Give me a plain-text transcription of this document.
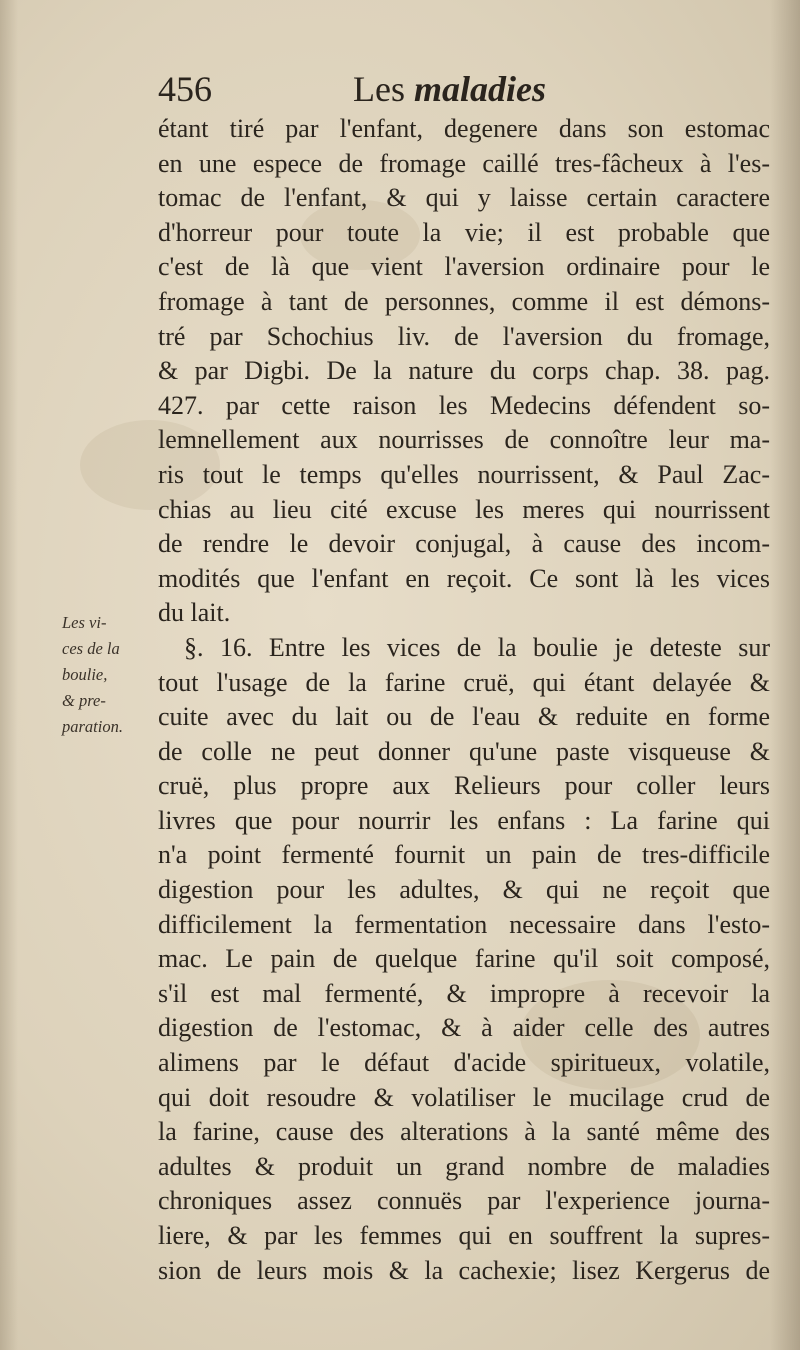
456	Les maladies
Les vi-
ces de la
boulie,
& pre-
paration.
étant tiré par l'enfant, degenere dans son estomac
en une espece de fromage caillé tres-fâcheux à l'es-
tomac de l'enfant, & qui y laisse certain caractere
d'horreur pour toute la vie; il est probable que
c'est de là que vient l'aversion ordinaire pour le
fromage à tant de personnes, comme il est démons-
tré par Schochius liv. de l'aversion du fromage,
& par Digbi. De la nature du corps chap. 38. pag.
427. par cette raison les Medecins défendent so-
lemnellement aux nourrisses de connoître leur ma-
ris tout le temps qu'elles nourrissent, & Paul Zac-
chias au lieu cité excuse les meres qui nourrissent
de rendre le devoir conjugal, à cause des incom-
modités que l'enfant en reçoit. Ce sont là les vices
du lait.
§. 16. Entre les vices de la boulie je deteste sur
tout l'usage de la farine cruë, qui étant delayée &
cuite avec du lait ou de l'eau & reduite en forme
de colle ne peut donner qu'une paste visqueuse &
cruë, plus propre aux Relieurs pour coller leurs
livres que pour nourrir les enfans : La farine qui
n'a point fermenté fournit un pain de tres-difficile
digestion pour les adultes, & qui ne reçoit que
difficilement la fermentation necessaire dans l'esto-
mac. Le pain de quelque farine qu'il soit composé,
s'il est mal fermenté, & impropre à recevoir la
digestion de l'estomac, & à aider celle des autres
alimens par le défaut d'acide spiritueux, volatile,
qui doit resoudre & volatiliser le mucilage crud de
la farine, cause des alterations à la santé même des
adultes & produit un grand nombre de maladies
chroniques assez connuës par l'experience journa-
liere, & par les femmes qui en souffrent la supres-
sion de leurs mois & la cachexie; lisez Kergerus de
